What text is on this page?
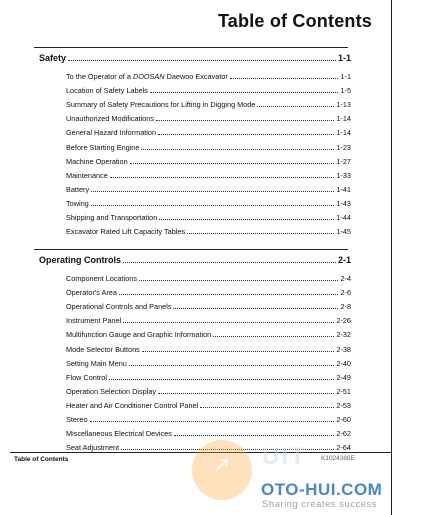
Table of Contents
Safety	1-1
To the Operator of a DOOSAN Daewoo Excavator	1-1
Location of Safety Labels	1-5
Summary of Safety Precautions for Lifting in Digging Mode	1-13
Unauthorized Modifications	1-14
General Hazard Information	1-14
Before Starting Engine	1-23
Machine Operation	1-27
Maintenance	1-33
Battery	1-41
Towing	1-43
Shipping and Transportation	1-44
Excavator Rated Lift Capacity Tables	1-45
Operating Controls	2-1
Component Locations	2-4
Operator's Area	2-6
Operational Controls and Panels	2-8
Instrument Panel	2-26
Multifunction Gauge and Graphic Information	2-32
Mode Selector Buttons	2-38
Setting Main Menu	2-40
Flow Control	2-49
Operation Selection Display	2-51
Heater and Air Conditioner Control Panel	2-53
Stereo	2-60
Miscellaneous Electrical Devices	2-62
Seat Adjustment	2-64
Table of Contents	K1024388E
↗ UIT
OTO-HUI.COM
Sharing creates success
